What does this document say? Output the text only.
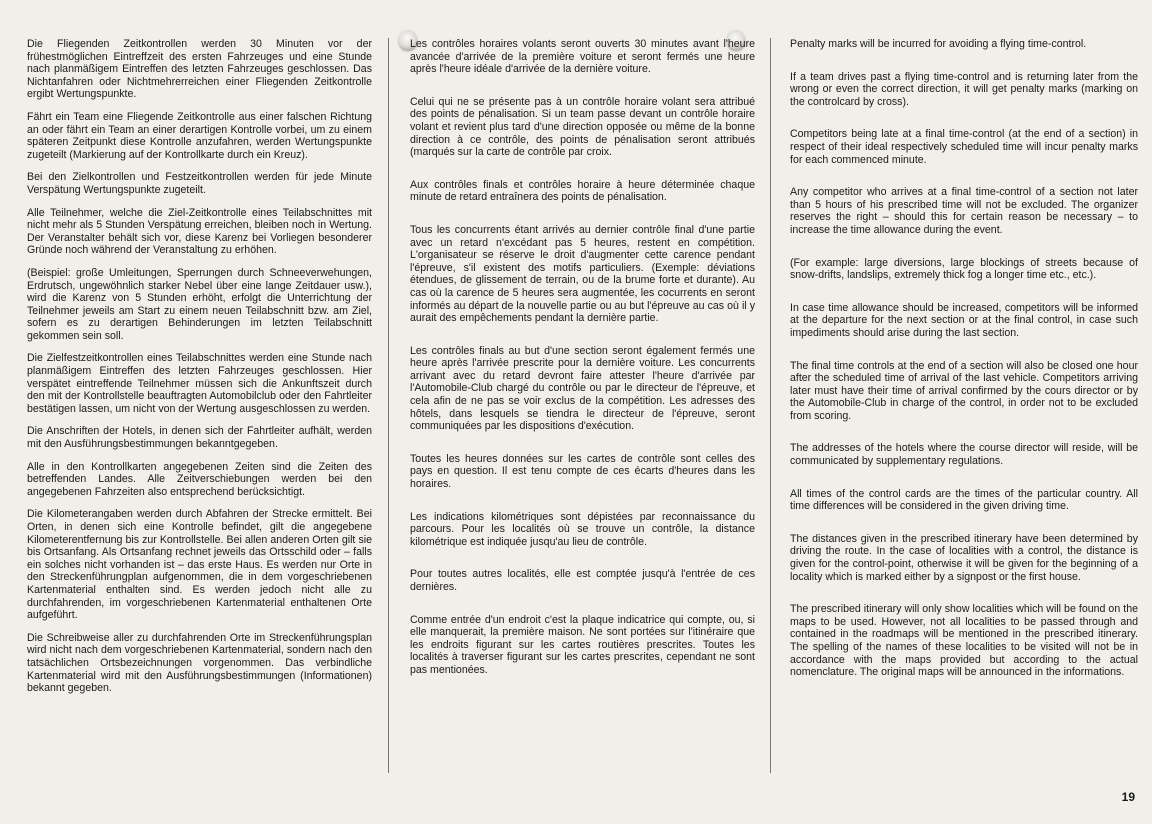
Die Fliegenden Zeitkontrollen werden 30 Minuten vor der frühestmöglichen Eintreffzeit des ersten Fahrzeuges und eine Stunde nach planmäßigem Eintreffen des letzten Fahrzeuges geschlossen. Das Nichtanfahren oder Nichtmehrerreichen einer Fliegenden Zeitkontrolle ergibt Wertungspunkte.

Fährt ein Team eine Fliegende Zeitkontrolle aus einer falschen Richtung an oder fährt ein Team an einer derartigen Kontrolle vorbei, um zu einem späteren Zeitpunkt diese Kontrolle anzufahren, werden Wertungspunkte zugeteilt (Markierung auf der Kontrollkarte durch ein Kreuz).

Bei den Zielkontrollen und Festzeitkontrollen werden für jede Minute Verspätung Wertungspunkte zugeteilt.

Alle Teilnehmer, welche die Ziel-Zeitkontrolle eines Teilabschnittes mit nicht mehr als 5 Stunden Verspätung erreichen, bleiben noch in Wertung. Der Veranstalter behält sich vor, diese Karenz bei Vorliegen besonderer Gründe noch während der Veranstaltung zu erhöhen.

(Beispiel: große Umleitungen, Sperrungen durch Schneeverwehungen, Erdrutsch, ungewöhnlich starker Nebel über eine lange Zeitdauer usw.), wird die Karenz von 5 Stunden erhöht, erfolgt die Unterrichtung der Teilnehmer jeweils am Start zu einem neuen Teilabschnitt bzw. am Ziel, sofern es zu derartigen Behinderungen im letzten Teilabschnitt gekommen sein soll.

Die Zielfestzeitkontrollen eines Teilabschnittes werden eine Stunde nach planmäßigem Eintreffen des letzten Fahrzeuges geschlossen. Hier verspätet eintreffende Teilnehmer müssen sich die Ankunftszeit durch den mit der Kontrollstelle beauftragten Automobilclub oder den Fahrtleiter bestätigen lassen, um nicht von der Wertung ausgeschlossen zu werden.

Die Anschriften der Hotels, in denen sich der Fahrtleiter aufhält, werden mit den Ausführungsbestimmungen bekanntgegeben.

Alle in den Kontrollkarten angegebenen Zeiten sind die Zeiten des betreffenden Landes. Alle Zeitverschiebungen werden bei den angegebenen Fahrzeiten also entsprechend berücksichtigt.

Die Kilometerangaben werden durch Abfahren der Strecke ermittelt. Bei Orten, in denen sich eine Kontrolle befindet, gilt die angegebene Kilometerentfernung bis zur Kontrollstelle. Bei allen anderen Orten gilt sie bis Ortsanfang. Als Ortsanfang rechnet jeweils das Ortsschild oder – falls ein solches nicht vorhanden ist – das erste Haus. Es werden nur Orte in den Streckenführungplan aufgenommen, die in dem vorgeschriebenen Kartenmaterial enthalten sind. Es werden jedoch nicht alle zu durchfahrenden, im vorgeschriebenen Kartenmaterial enthaltenen Orte aufgeführt.

Die Schreibweise aller zu durchfahrenden Orte im Streckenführungsplan wird nicht nach dem vorgeschriebenen Kartenmaterial, sondern nach den tatsächlichen Ortsbezeichnungen vorgenommen. Das verbindliche Kartenmaterial wird mit den Ausführungsbestimmungen (Informationen) bekannt gegeben.

Les contrôles horaires volants seront ouverts 30 minutes avant l'heure avancée d'arrivée de la première voiture et seront fermés une heure après l'heure idéale d'arrivée de la dernière voiture.

Celui qui ne se présente pas à un contrôle horaire volant sera attribué des points de pénalisation. Si un team passe devant un contrôle horaire volant et revient plus tard d'une direction opposée ou même de la bonne direction à ce contrôle, des points de pénalisation seront attribués (marqués sur la carte de contrôle par croix.

Aux contrôles finals et contrôles horaire à heure déterminée chaque minute de retard entraînera des points de pénalisation.

Tous les concurrents étant arrivés au dernier contrôle final d'une partie avec un retard n'excédant pas 5 heures, restent en compétition. L'organisateur se réserve le droit d'augmenter cette carence pendant l'épreuve, s'il existent des motifs particuliers. (Exemple: déviations étendues, de glissement de terrain, ou de la brume forte et durante). Au cas où la carence de 5 heures sera augmentée, les cocurrents en seront informés au départ de la nouvelle partie ou au but l'épreuve au cas où il y aurait des empêchements pendant la dernière partie.

Les contrôles finals au but d'une section seront également fermés une heure après l'arrivée prescrite pour la dernière voiture. Les concurrents arrivant avec du retard devront faire attester l'heure d'arrivée par l'Automobile-Club chargé du contrôle ou par le directeur de l'épreuve, et cela afin de ne pas se voir exclus de la compétition. Les adresses des hôtels, dans lesquels se tiendra le directeur de l'épreuve, seront communiquées par les dispositions d'exécution.

Toutes les heures données sur les cartes de contrôle sont celles des pays en question. Il est tenu compte de ces écarts d'heures dans les horaires.

Les indications kilométriques sont dépistées par reconnaissance du parcours. Pour les localités où se trouve un contrôle, la distance kilométrique est indiquée jusqu'au lieu de contrôle.

Pour toutes autres localités, elle est comptée jusqu'à l'entrée de ces dernières.

Comme entrée d'un endroit c'est la plaque indicatrice qui compte, ou, si elle manquerait, la première maison. Ne sont portées sur l'itinéraire que les endroits figurant sur les cartes routières prescrites. Toutes les localités à traverser figurant sur les cartes prescrites, cependant ne sont pas mentionées.

Penalty marks will be incurred for avoiding a flying time-control.

If a team drives past a flying time-control and is returning later from the wrong or even the correct direction, it will get penalty marks (marking on the controlcard by cross).

Competitors being late at a final time-control (at the end of a section) in respect of their ideal respectively scheduled time will incur penalty marks for each commenced minute.

Any competitor who arrives at a final time-control of a section not later than 5 hours of his prescribed time will not be excluded. The organizer reserves the right – should this for certain reason be necessary – to increase the time allowance during the event.

(For example: large diversions, large blockings of streets because of snow-drifts, landslips, extremely thick fog a longer time etc., etc.).

In case time allowance should be increased, competitors will be informed at the departure for the next section or at the final control, in case such impediments should arise during the last section.

The final time controls at the end of a section will also be closed one hour after the scheduled time of arrival of the last vehicle. Competitors arriving later must have their time of arrival confirmed by the cours director or by the Automobile-Club in charge of the control, in order not to be excluded from scoring.

The addresses of the hotels where the course director will reside, will be communicated by supplementary regulations.

All times of the control cards are the times of the particular country. All time differences will be considered in the given driving time.

The distances given in the prescribed itinerary have been determined by driving the route. In the case of localities with a control, the distance is given for the control-point, otherwise it will be given for the beginning of a locality which is marked either by a signpost or the first house.

The prescribed itinerary will only show localities which will be found on the maps to be used. However, not all localities to be passed through and contained in the roadmaps will be mentioned in the prescribed itinerary. The spelling of the names of these localities to be visited will not be in accordance with the maps provided but according to the actual nomenclature. The original maps will be announced in the informations.

19
